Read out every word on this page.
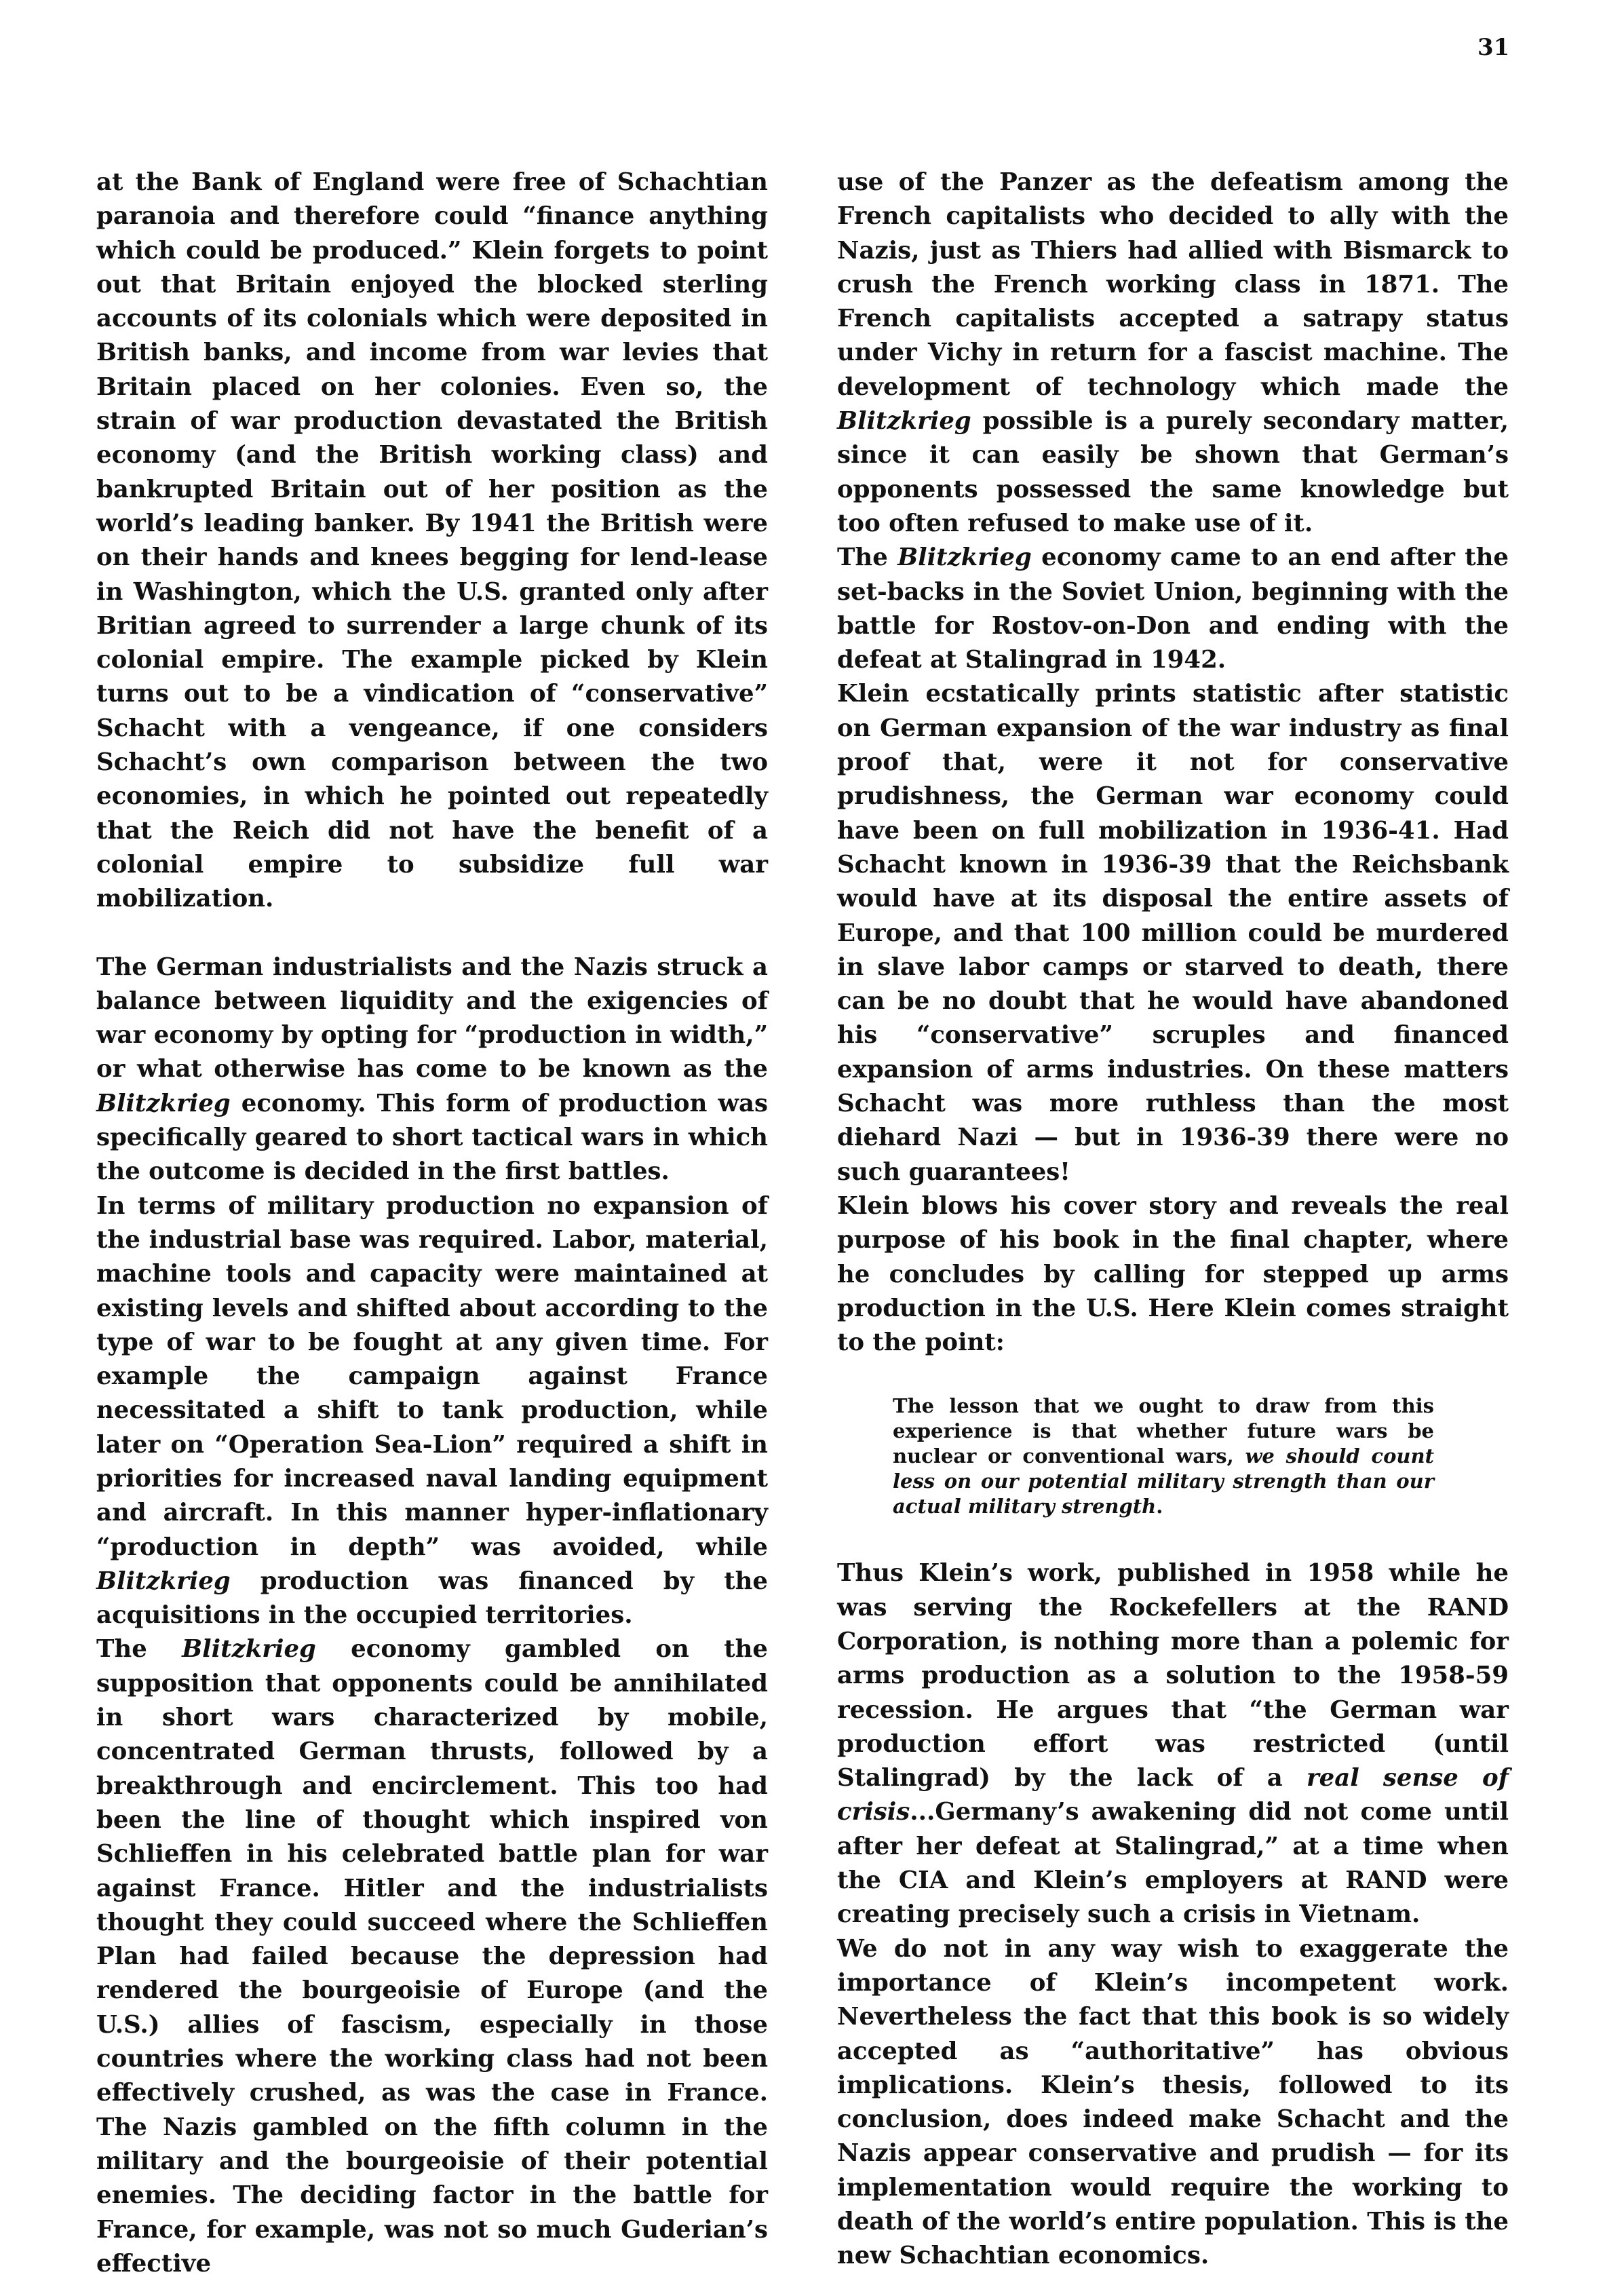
31

at the Bank of England were free of Schachtian paranoia and therefore could “finance anything which could be produced.” Klein forgets to point out that Britain enjoyed the blocked sterling accounts of its colonials which were deposited in British banks, and income from war levies that Britain placed on her colonies. Even so, the strain of war production devastated the British economy (and the British working class) and bankrupted Britain out of her position as the world’s leading banker. By 1941 the British were on their hands and knees begging for lend-lease in Washington, which the U.S. granted only after Britian agreed to surrender a large chunk of its colonial empire. The example picked by Klein turns out to be a vindication of “conservative” Schacht with a vengeance, if one considers Schacht’s own comparison between the two economies, in which he pointed out repeatedly that the Reich did not have the benefit of a colonial empire to subsidize full war mobilization.

The German industrialists and the Nazis struck a balance between liquidity and the exigencies of war economy by opting for “production in width,” or what otherwise has come to be known as the Blitzkrieg economy. This form of production was specifically geared to short tactical wars in which the outcome is decided in the first battles.

In terms of military production no expansion of the industrial base was required. Labor, material, machine tools and capacity were maintained at existing levels and shifted about according to the type of war to be fought at any given time. For example the campaign against France necessitated a shift to tank production, while later on “Operation Sea-Lion” required a shift in priorities for increased naval landing equipment and aircraft. In this manner hyper-inflationary “production in depth” was avoided, while Blitzkrieg production was financed by the acquisitions in the occupied territories.

The Blitzkrieg economy gambled on the supposition that opponents could be annihilated in short wars characterized by mobile, concentrated German thrusts, followed by a breakthrough and encirclement. This too had been the line of thought which inspired von Schlieffen in his celebrated battle plan for war against France. Hitler and the industrialists thought they could succeed where the Schlieffen Plan had failed because the depression had rendered the bourgeoisie of Europe (and the U.S.) allies of fascism, especially in those countries where the working class had not been effectively crushed, as was the case in France. The Nazis gambled on the fifth column in the military and the bourgeoisie of their potential enemies. The deciding factor in the battle for France, for example, was not so much Guderian’s effective

use of the Panzer as the defeatism among the French capitalists who decided to ally with the Nazis, just as Thiers had allied with Bismarck to crush the French working class in 1871. The French capitalists accepted a satrapy status under Vichy in return for a fascist machine. The development of technology which made the Blitzkrieg possible is a purely secondary matter, since it can easily be shown that German’s opponents possessed the same knowledge but too often refused to make use of it.

The Blitzkrieg economy came to an end after the set-backs in the Soviet Union, beginning with the battle for Rostov-on-Don and ending with the defeat at Stalingrad in 1942.

Klein ecstatically prints statistic after statistic on German expansion of the war industry as final proof that, were it not for conservative prudishness, the German war economy could have been on full mobilization in 1936-41. Had Schacht known in 1936-39 that the Reichsbank would have at its disposal the entire assets of Europe, and that 100 million could be murdered in slave labor camps or starved to death, there can be no doubt that he would have abandoned his “conservative” scruples and financed expansion of arms industries. On these matters Schacht was more ruthless than the most diehard Nazi — but in 1936-39 there were no such guarantees!

Klein blows his cover story and reveals the real purpose of his book in the final chapter, where he concludes by calling for stepped up arms production in the U.S. Here Klein comes straight to the point:

The lesson that we ought to draw from this experience is that whether future wars be nuclear or conventional wars, we should count less on our potential military strength than our actual military strength.

Thus Klein’s work, published in 1958 while he was serving the Rockefellers at the RAND Corporation, is nothing more than a polemic for arms production as a solution to the 1958-59 recession. He argues that “the German war production effort was restricted (until Stalingrad) by the lack of a real sense of crisis...Germany’s awakening did not come until after her defeat at Stalingrad,” at a time when the CIA and Klein’s employers at RAND were creating precisely such a crisis in Vietnam.

We do not in any way wish to exaggerate the importance of Klein’s incompetent work. Nevertheless the fact that this book is so widely accepted as “authoritative” has obvious implications. Klein’s thesis, followed to its conclusion, does indeed make Schacht and the Nazis appear conservative and prudish — for its implementation would require the working to death of the world’s entire population. This is the new Schachtian economics.
